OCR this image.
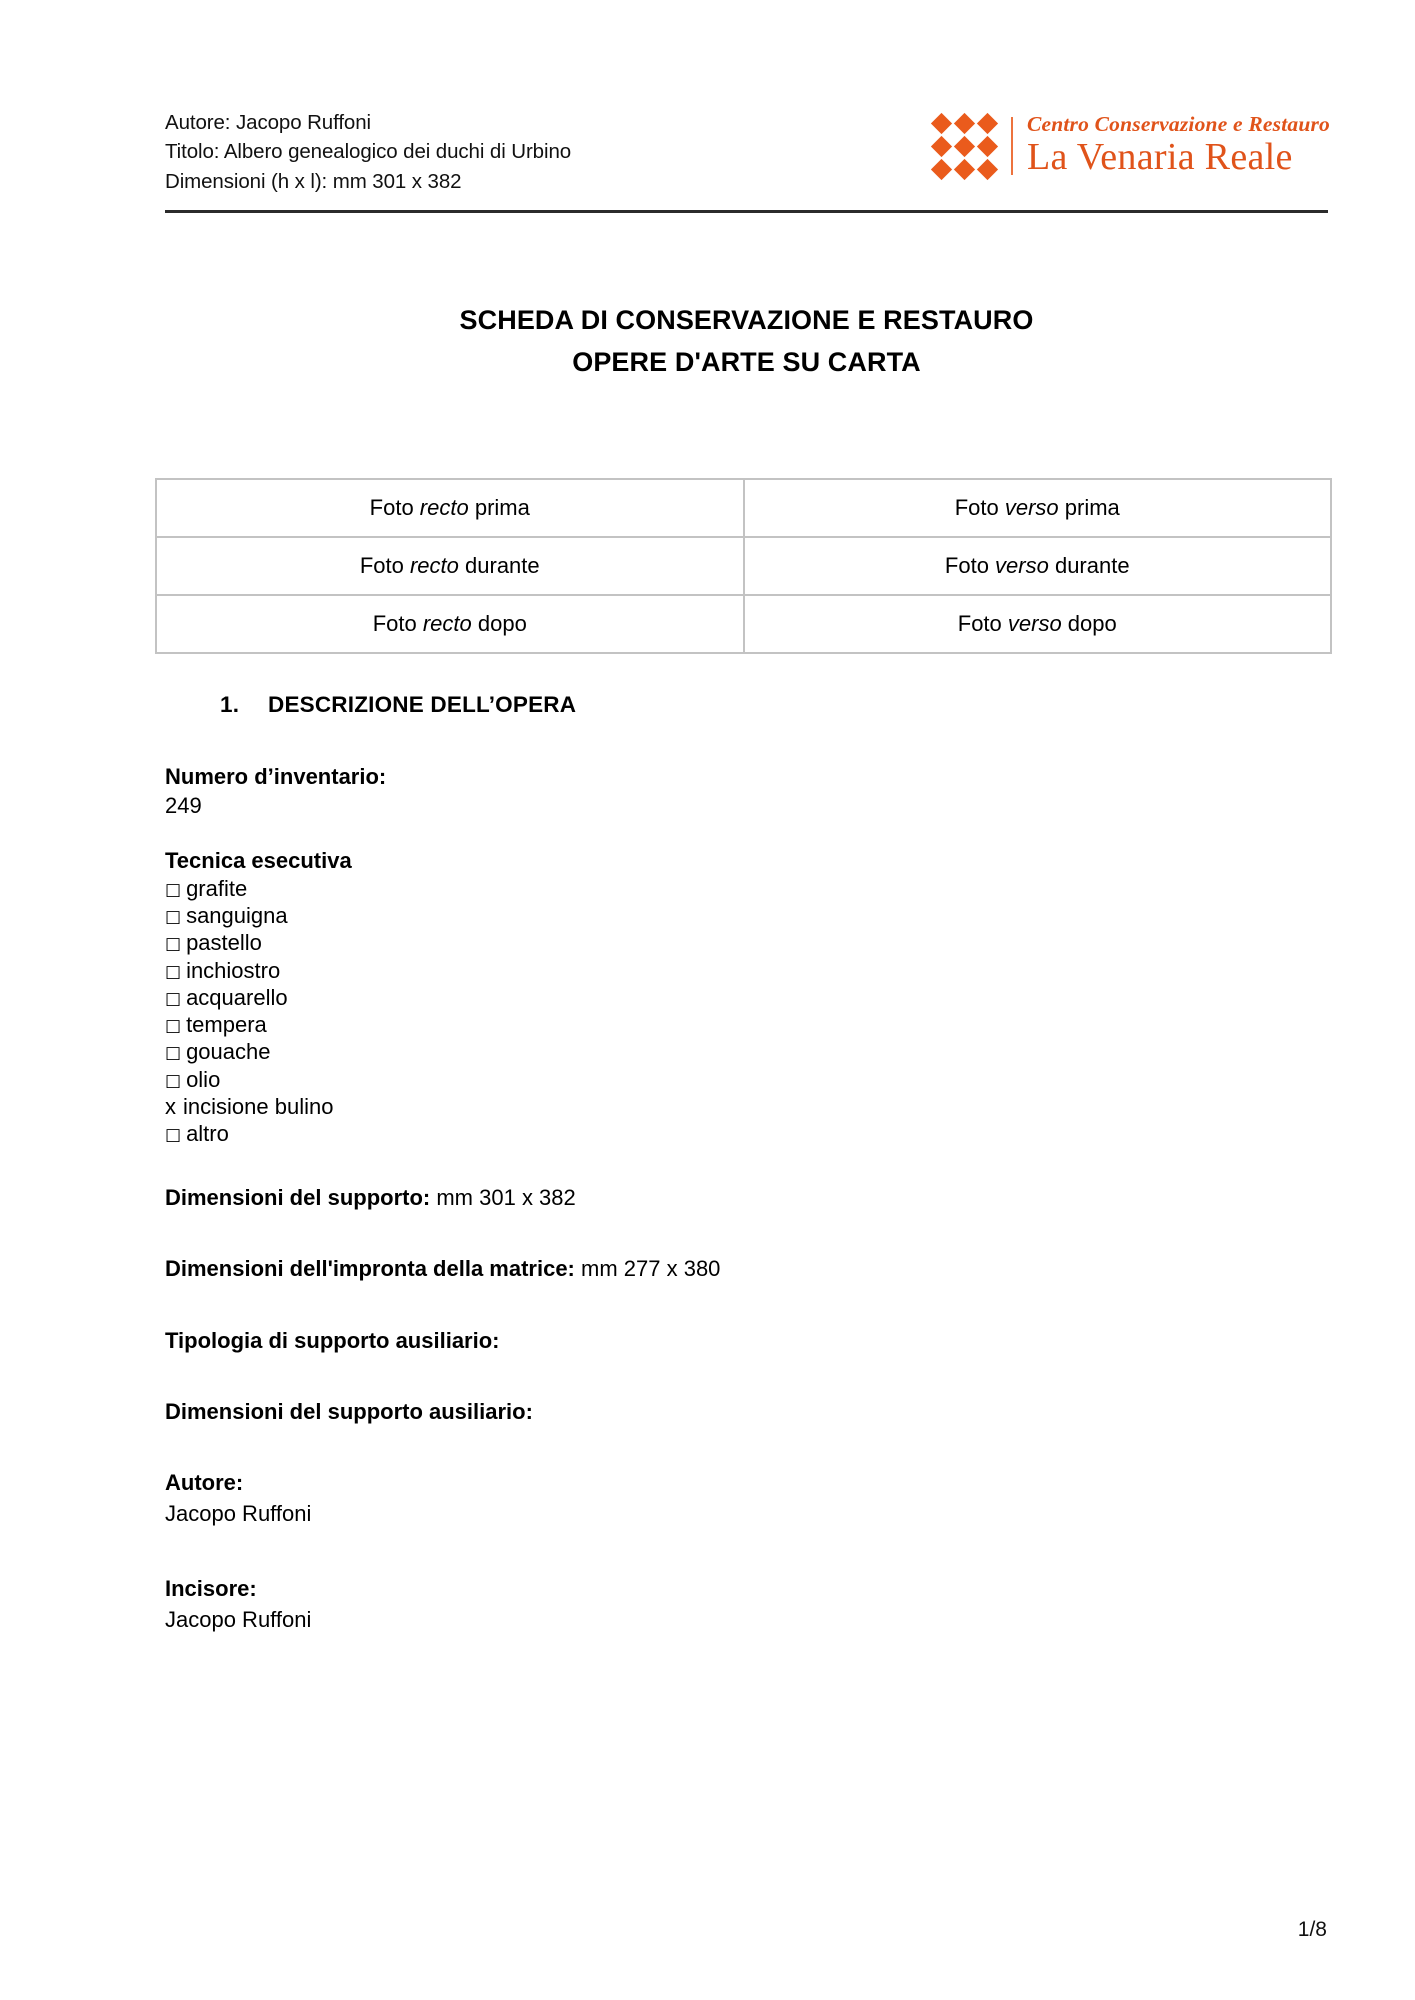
Autore: Jacopo Ruffoni
Titolo: Albero genealogico dei duchi di Urbino
Dimensioni (h x l): mm 301 x 382
Centro Conservazione e Restauro
La Venaria Reale
SCHEDA DI CONSERVAZIONE E RESTAURO
OPERE D'ARTE SU CARTA
Foto recto prima	Foto verso prima
Foto recto durante	Foto verso durante
Foto recto dopo	Foto verso dopo
1.	DESCRIZIONE DELL’OPERA
Numero d’inventario:
249
Tecnica esecutiva
□ grafite
□ sanguigna
□ pastello
□ inchiostro
□ acquarello
□ tempera
□ gouache
□ olio
x incisione bulino
□ altro
Dimensioni del supporto: mm 301 x 382
Dimensioni dell'impronta della matrice: mm 277 x 380
Tipologia di supporto ausiliario:
Dimensioni del supporto ausiliario:
Autore:
Jacopo Ruffoni
Incisore:
Jacopo Ruffoni
1/8
